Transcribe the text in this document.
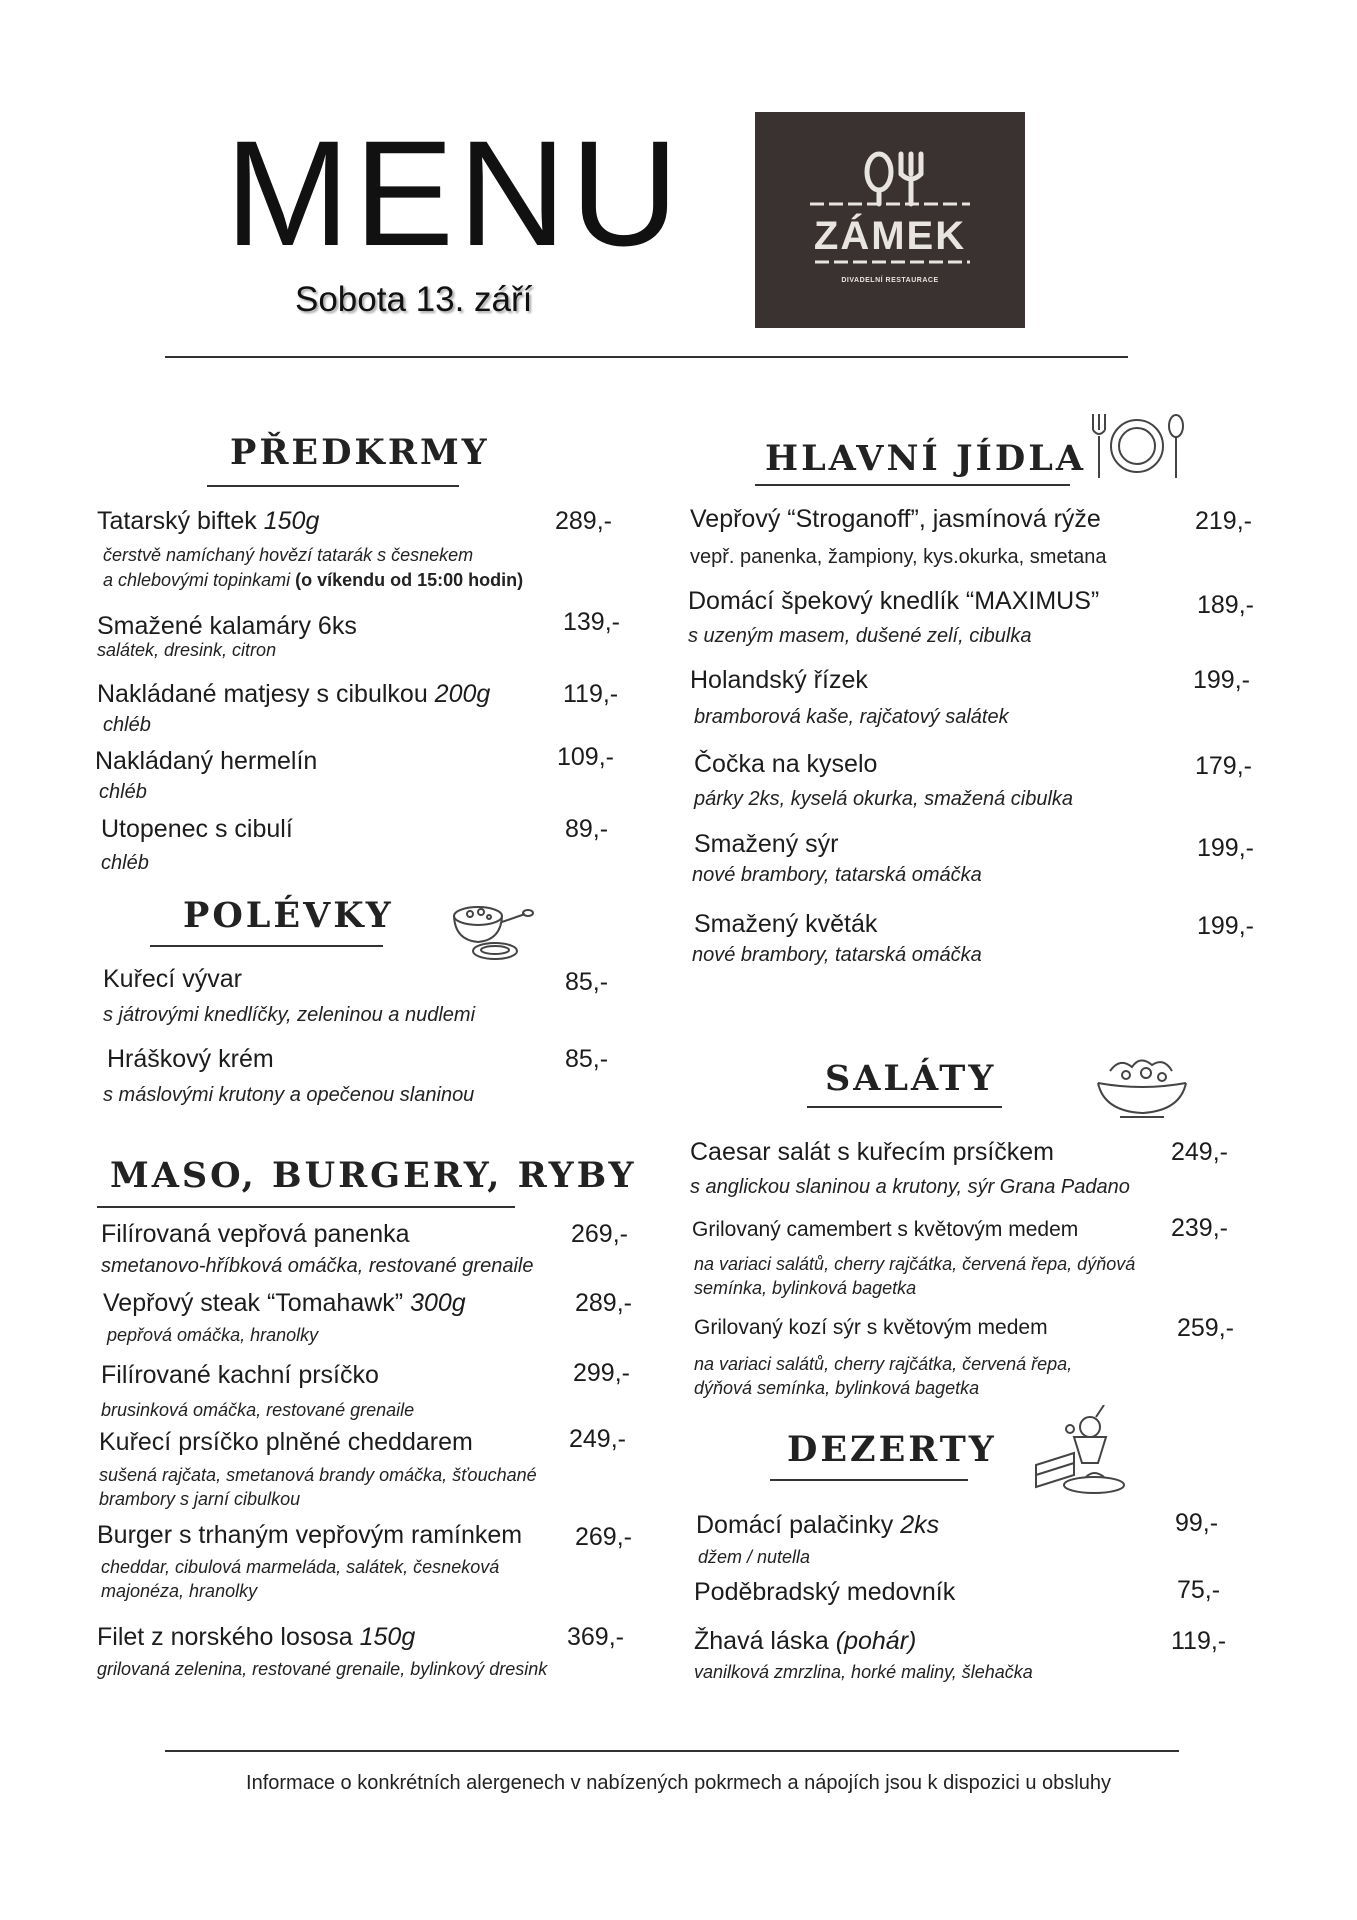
MENU
Sobota 13. září
ZÁMEK
DIVADELNÍ RESTAURACE
PŘEDKRMY
Tatarský biftek 150g	289,-
čerstvě namíchaný hovězí tatarák s česnekem
a chlebovými topinkami (o víkendu od 15:00 hodin)
Smažené kalamáry 6ks	139,-
salátek, dresink, citron
Nakládané matjesy s cibulkou 200g	119,-
chléb
Nakládaný hermelín	109,-
chléb
Utopenec s cibulí	89,-
chléb
POLÉVKY
Kuřecí vývar	85,-
s játrovými knedlíčky, zeleninou a nudlemi
Hráškový krém	85,-
s máslovými krutony a opečenou slaninou
MASO, BURGERY, RYBY
Filírovaná vepřová panenka	269,-
smetanovo-hříbková omáčka, restované grenaile
Vepřový steak “Tomahawk” 300g	289,-
pepřová omáčka, hranolky
Filírované kachní prsíčko	299,-
brusinková omáčka, restované grenaile
Kuřecí prsíčko plněné cheddarem	249,-
sušená rajčata, smetanová brandy omáčka, šťouchané
brambory s jarní cibulkou
Burger s trhaným vepřovým ramínkem 269,-
cheddar, cibulová marmeláda, salátek, česneková
majonéza, hranolky
Filet z norského lososa 150g	369,-
grilovaná zelenina, restované grenaile, bylinkový dresink
HLAVNÍ JÍDLA
Vepřový “Stroganoff”, jasmínová rýže	219,-
vepř. panenka, žampiony, kys.okurka, smetana
Domácí špekový knedlík “MAXIMUS”	189,-
s uzeným masem, dušené zelí, cibulka
Holandský řízek	199,-
bramborová kaše, rajčatový salátek
Čočka na kyselo	179,-
párky 2ks, kyselá okurka, smažená cibulka
Smažený sýr	199,-
nové brambory, tatarská omáčka
Smažený květák	199,-
nové brambory, tatarská omáčka
SALÁTY
Caesar salát s kuřecím prsíčkem	249,-
s anglickou slaninou a krutony, sýr Grana Padano
Grilovaný camembert s květovým medem	239,-
na variaci salátů, cherry rajčátka, červená řepa, dýňová
semínka, bylinková bagetka
Grilovaný kozí sýr s květovým medem	259,-
na variaci salátů, cherry rajčátka, červená řepa,
dýňová semínka, bylinková bagetka
DEZERTY
Domácí palačinky 2ks	99,-
džem / nutella
Poděbradský medovník	75,-
Žhavá láska (pohár)	119,-
vanilková zmrzlina, horké maliny, šlehačka
Informace o konkrétních alergenech v nabízených pokrmech a nápojích jsou k dispozici u obsluhy
